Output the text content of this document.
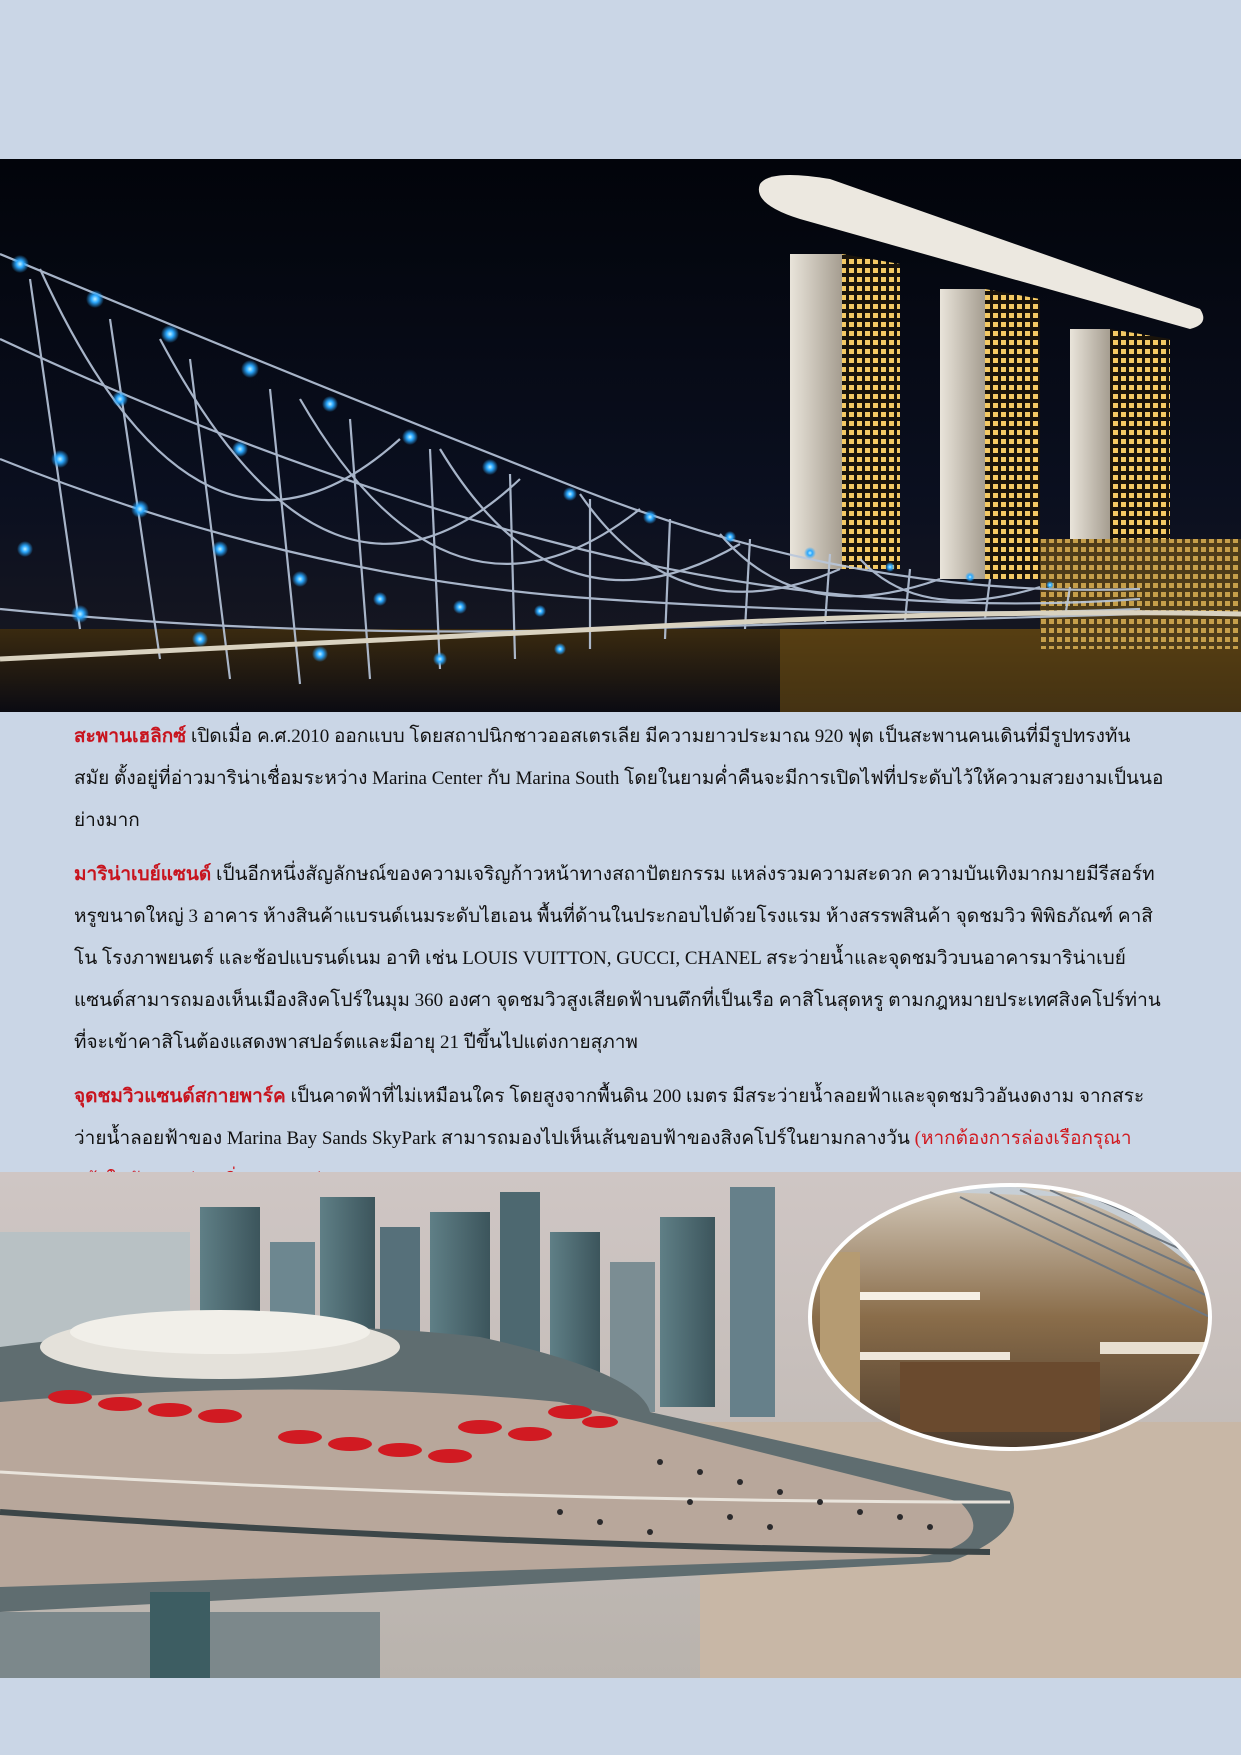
สะพานเฮลิกซ์ เปิดเมื่อ ค.ศ.2010 ออกแบบ โดยสถาปนิกชาวออสเตรเลีย มีความยาวประมาณ 920 ฟุต เป็นสะพานคนเดินที่มีรูปทรงทันสมัย ตั้งอยู่ที่อ่าวมาริน่าเชื่อมระหว่าง Marina Center กับ Marina South โดยในยามค่ำคืนจะมีการเปิดไฟที่ประดับไว้ให้ความสวยงามเป็นนอย่างมาก

มาริน่าเบย์แซนด์ เป็นอีกหนึ่งสัญลักษณ์ของความเจริญก้าวหน้าทางสถาปัตยกรรม แหล่งรวมความสะดวก ความบันเทิงมากมายมีรีสอร์ทหรูขนาดใหญ่ 3 อาคาร ห้างสินค้าแบรนด์เนมระดับไฮเอน พื้นที่ด้านในประกอบไปด้วยโรงแรม ห้างสรรพสินค้า จุดชมวิว พิพิธภัณฑ์ คาสิโน โรงภาพยนตร์ และช้อปแบรนด์เนม อาทิ เช่น LOUIS VUITTON, GUCCI, CHANEL สระว่ายน้ำและจุดชมวิวบนอาคารมาริน่าเบย์แซนด์สามารถมองเห็นเมืองสิงคโปร์ในมุม 360 องศา จุดชมวิวสูงเสียดฟ้าบนตึกที่เป็นเรือ คาสิโนสุดหรู ตามกฎหมายประเทศสิงคโปร์ท่านที่จะเข้าคาสิโนต้องแสดงพาสปอร์ตและมีอายุ 21 ปีขึ้นไปแต่งกายสุภาพ

จุดชมวิวแซนด์สกายพาร์ค เป็นคาดฟ้าที่ไม่เหมือนใคร โดยสูงจากพื้นดิน 200 เมตร มีสระว่ายน้ำลอยฟ้าและจุดชมวิวอันงดงาม จากสระว่ายน้ำลอยฟ้าของ Marina Bay Sands SkyPark สามารถมองไปเห็นเส้นขอบฟ้าของสิงคโปร์ในยามกลางวัน (หากต้องการล่องเรือกรุณา
